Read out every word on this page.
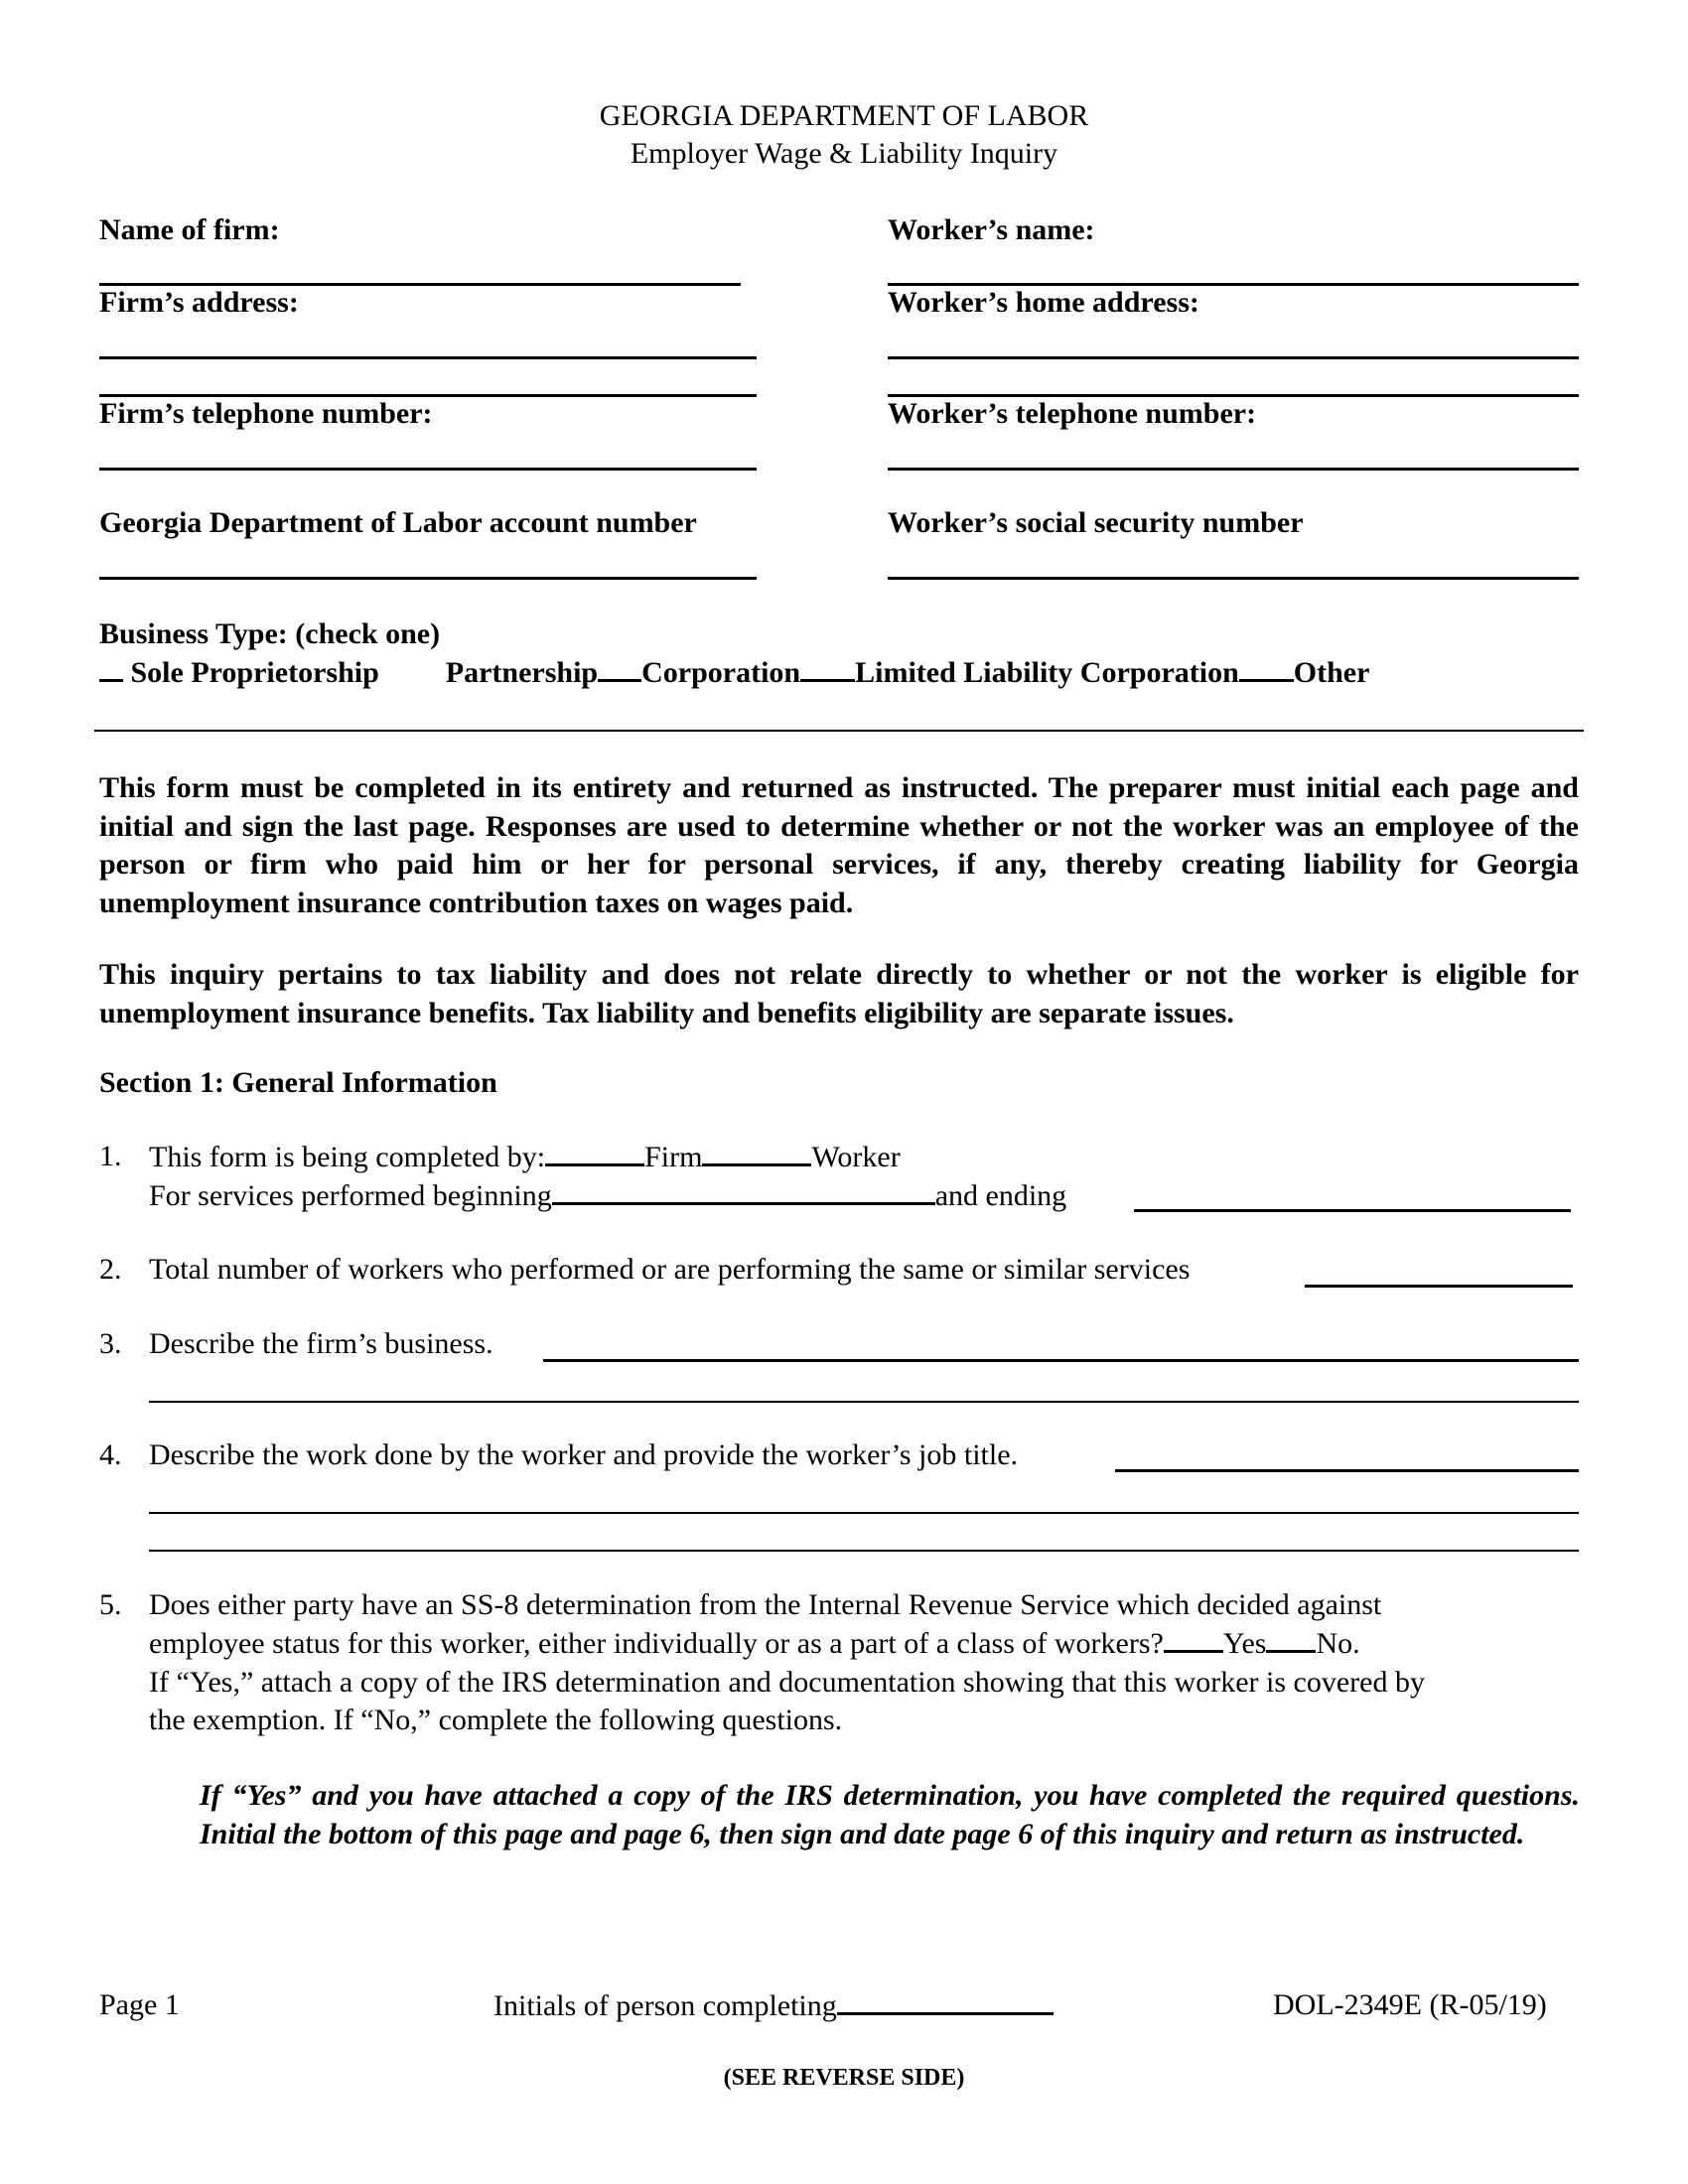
GEORGIA DEPARTMENT OF LABOR
Employer Wage & Liability Inquiry
Name of firm:
Firm’s address:
Firm’s telephone number:
Georgia Department of Labor account number
Worker’s name:
Worker’s home address:
Worker’s telephone number:
Worker’s social security number
Business Type: (check one)
Sole Proprietorship Partnership Corporation Limited Liability Corporation Other
This form must be completed in its entirety and returned as instructed. The preparer must initial each page and initial and sign the last page. Responses are used to determine whether or not the worker was an employee of the person or firm who paid him or her for personal services, if any, thereby creating liability for Georgia unemployment insurance contribution taxes on wages paid.
This inquiry pertains to tax liability and does not relate directly to whether or not the worker is eligible for unemployment insurance benefits. Tax liability and benefits eligibility are separate issues.
Section 1: General Information
1. This form is being completed by:	Firm	Worker
For services performed beginning	and ending
2. Total number of workers who performed or are performing the same or similar services
3. Describe the firm’s business.
4. Describe the work done by the worker and provide the worker’s job title.
5. Does either party have an SS-8 determination from the Internal Revenue Service which decided against
employee status for this worker, either individually or as a part of a class of workers? Yes No.
If “Yes,” attach a copy of the IRS determination and documentation showing that this worker is covered by
the exemption. If “No,” complete the following questions.
If “Yes” and you have attached a copy of the IRS determination, you have completed the required questions. Initial the bottom of this page and page 6, then sign and date page 6 of this inquiry and return as instructed.
Page 1	Initials of person completing	DOL-2349E (R-05/19)
(SEE REVERSE SIDE)
